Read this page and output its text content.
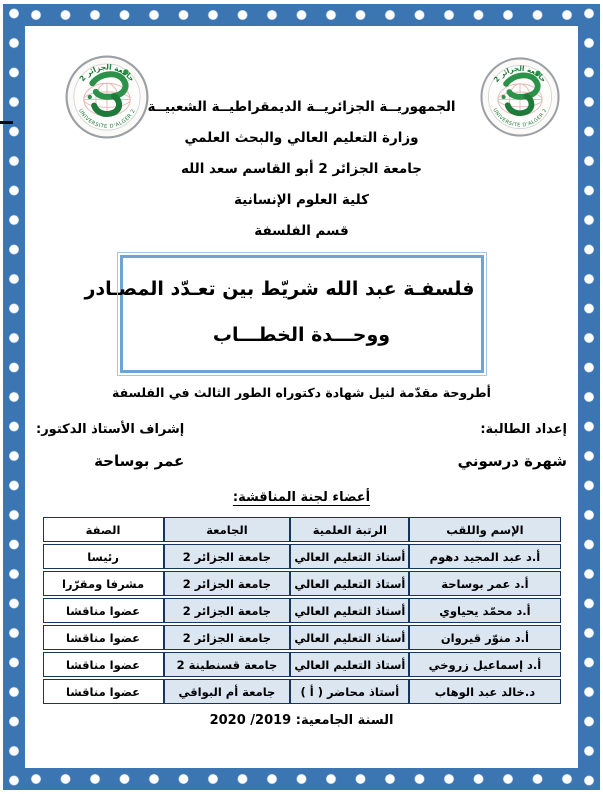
جامعة الجزائر 2
UNIVERSITE D'ALGER 2
جامعة الجزائر 2
UNIVERSITE D'ALGER 2
الجمهوريــة الجزائريــة الديمقراطيــة الشعبيــة
وزارة التعليم العالي والبحث العلمي
جامعة الجزائر 2 أبو القاسم سعد الله
كلية العلوم الإنسانية
قسم الفلسفة
فلسفـة عبد الله شريّط بين تعـدّد المصـادر
ووحـــدة الخطـــاب
أطروحة مقدّمة لنيل شهادة دكتوراه الطور الثالث في الفلسفة
إعداد الطالبة:
شهرة درسوني
إشراف الأستاذ الدكتور:
عمر بوساحة
أعضاء لجنة المناقشة:
الإسم واللقب	الرتبة العلمية	الجامعة	الصفة
أ.د عبد المجيد دهوم	أستاذ التعليم العالي	جامعة الجزائر 2	رئيسا
أ.د عمر بوساحة	أستاذ التعليم العالي	جامعة الجزائر 2	مشرفا ومقرّرا
أ.د محمّد يحياوي	أستاذ التعليم العالي	جامعة الجزائر 2	عضوا مناقشا
أ.د منوّر قيروان	أستاذ التعليم العالي	جامعة الجزائر 2	عضوا مناقشا
أ.د إسماعيل زروخي	أستاذ التعليم العالي	جامعة قسنطينة 2	عضوا مناقشا
د.خالد عبد الوهاب	أستاذ محاضر ( أ )	جامعة أم البواقي	عضوا مناقشا
السنة الجامعية: 2019/ 2020
